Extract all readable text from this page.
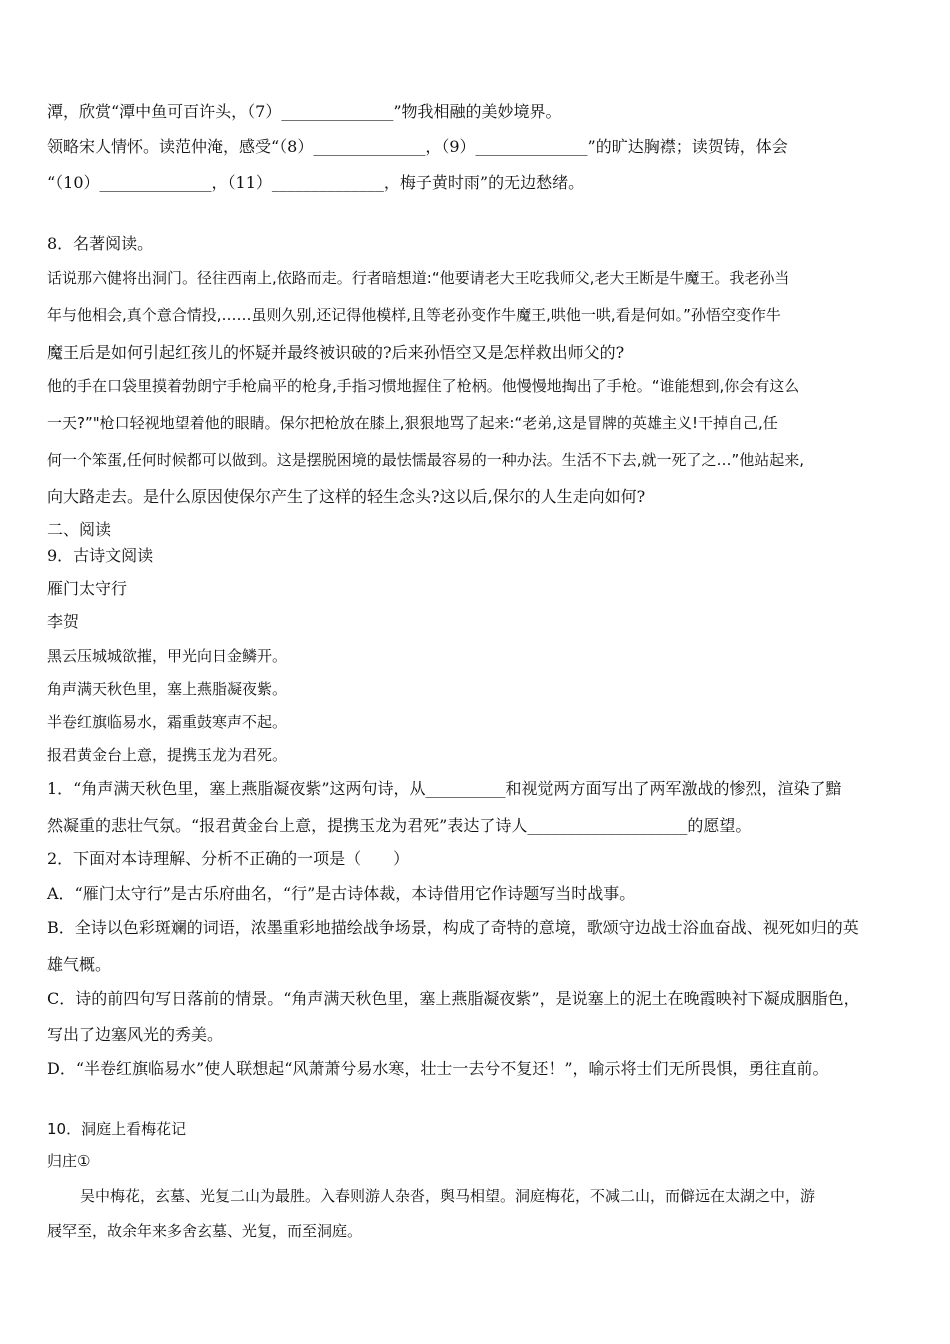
潭，欣赏“潭中鱼可百许头，（7）______________”物我相融的美妙境界。
领略宋人情怀。读范仲淹，感受“（8）______________，（9）______________”的旷达胸襟；读贺铸，体会
“（10）______________，（11）______________，梅子黄时雨”的无边愁绪。
8．名著阅读。
话说那六健将出洞门。径往西南上,依路而走。行者暗想道:“他要请老大王吃我师父,老大王断是牛魔王。我老孙当
年与他相会,真个意合情投,……虽则久别,还记得他模样,且等老孙变作牛魔王,哄他一哄,看是何如。”孙悟空变作牛
魔王后是如何引起红孩儿的怀疑并最终被识破的?后来孙悟空又是怎样救出师父的?
他的手在口袋里摸着勃朗宁手枪扁平的枪身,手指习惯地握住了枪柄。他慢慢地掏出了手枪。“谁能想到,你会有这么
一天?”"枪口轻视地望着他的眼睛。保尔把枪放在膝上,狠狠地骂了起来:“老弟,这是冒牌的英雄主义!干掉自己,任
何一个笨蛋,任何时候都可以做到。这是摆脱困境的最怯懦最容易的一种办法。生活不下去,就一死了之…”他站起来,
向大路走去。是什么原因使保尔产生了这样的轻生念头?这以后,保尔的人生走向如何?
二、阅读
9．古诗文阅读
雁门太守行
李贺
黑云压城城欲摧，甲光向日金鳞开。
角声满天秋色里，塞上燕脂凝夜紫。
半卷红旗临易水，霜重鼓寒声不起。
报君黄金台上意，提携玉龙为君死。
1．“角声满天秋色里，塞上燕脂凝夜紫”这两句诗，从__________和视觉两方面写出了两军激战的惨烈，渲染了黯
然凝重的悲壮气氛。“报君黄金台上意，提携玉龙为君死”表达了诗人____________________的愿望。
2．下面对本诗理解、分析不正确的一项是（　　）
A．“雁门太守行”是古乐府曲名，“行”是古诗体裁，本诗借用它作诗题写当时战事。
B．全诗以色彩斑斓的词语，浓墨重彩地描绘战争场景，构成了奇特的意境，歌颂守边战士浴血奋战、视死如归的英
雄气概。
C．诗的前四句写日落前的情景。“角声满天秋色里，塞上燕脂凝夜紫”，是说塞上的泥土在晚霞映衬下凝成胭脂色，
写出了边塞风光的秀美。
D．“半卷红旗临易水”使人联想起“风萧萧兮易水寒，壮士一去兮不复还！”，喻示将士们无所畏惧，勇往直前。
10．洞庭上看梅花记
归庄①
吴中梅花，玄墓、光复二山为最胜。入春则游人杂沓，舆马相望。洞庭梅花，不减二山，而僻远在太湖之中，游
屐罕至，故余年来多舍玄墓、光复，而至洞庭。
